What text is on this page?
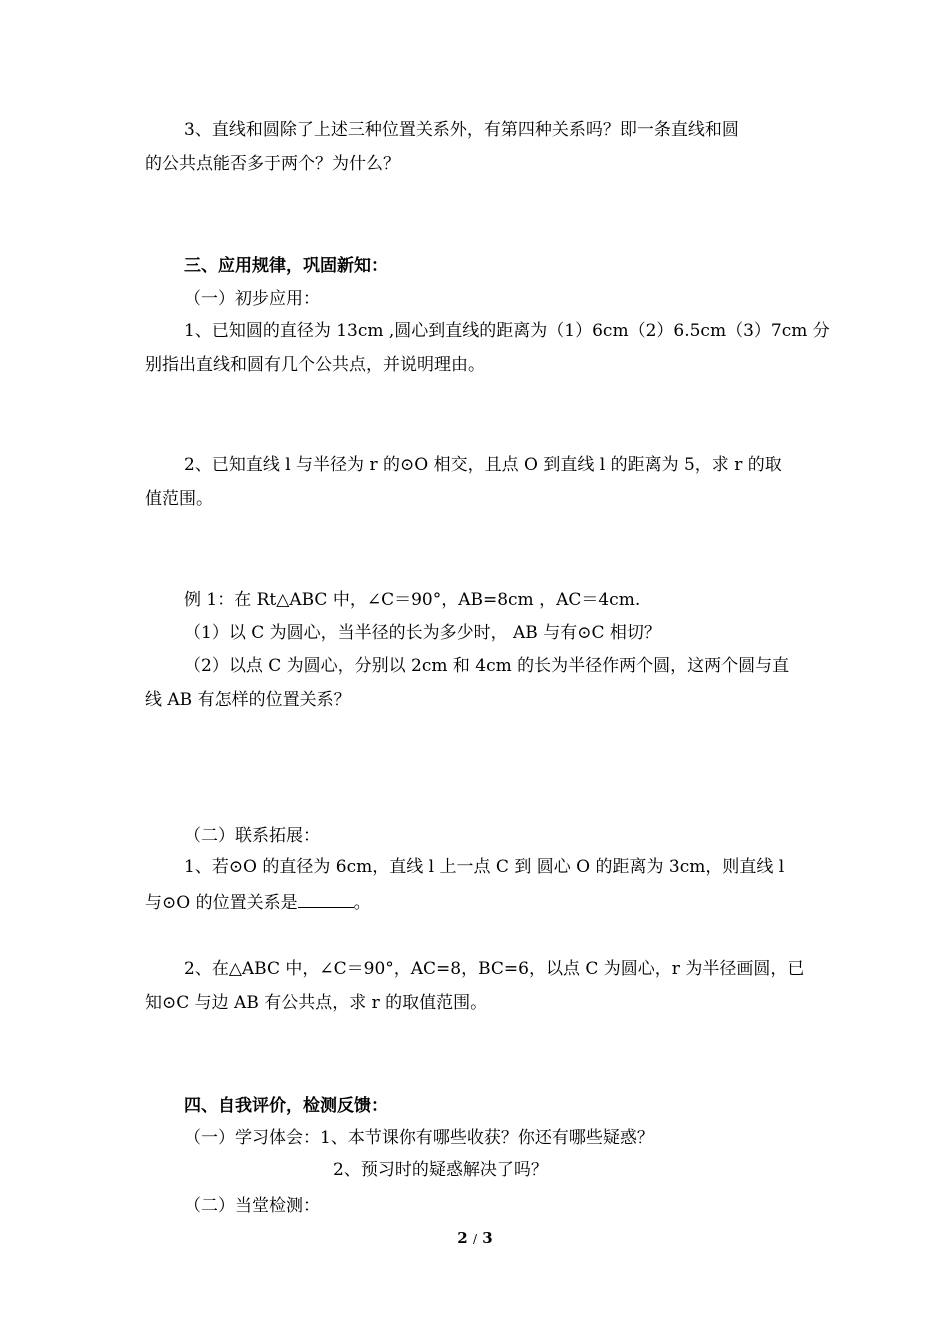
3、直线和圆除了上述三种位置关系外，有第四种关系吗？即一条直线和圆
的公共点能否多于两个？为什么？
三、应用规律，巩固新知：
（一）初步应用：
1、已知圆的直径为 13cm ,圆心到直线的距离为（1）6cm（2）6.5cm（3）7cm 分
别指出直线和圆有几个公共点，并说明理由。
2、已知直线 l 与半径为 r 的⊙O 相交，且点 O 到直线 l 的距离为 5，求 r 的取
值范围。
例 1：在 Rt△ABC 中，∠C＝90°，AB=8cm ，AC＝4cm.
（1）以 C 为圆心，当半径的长为多少时， AB 与有⊙C 相切？
（2）以点 C 为圆心，分别以 2cm 和 4cm 的长为半径作两个圆，这两个圆与直
线 AB 有怎样的位置关系？
（二）联系拓展：
1、若⊙O 的直径为 6cm，直线 l 上一点 C 到 圆心 O 的距离为 3cm，则直线 l
与⊙O 的位置关系是	。
2、在△ABC 中，∠C＝90°，AC=8，BC=6，以点 C 为圆心，r 为半径画圆，已
知⊙C 与边 AB 有公共点，求 r 的取值范围。
四、自我评价，检测反馈：
（一）学习体会：1、本节课你有哪些收获？你还有哪些疑惑？
2、预习时的疑惑解决了吗？
（二）当堂检测：
2 / 3
